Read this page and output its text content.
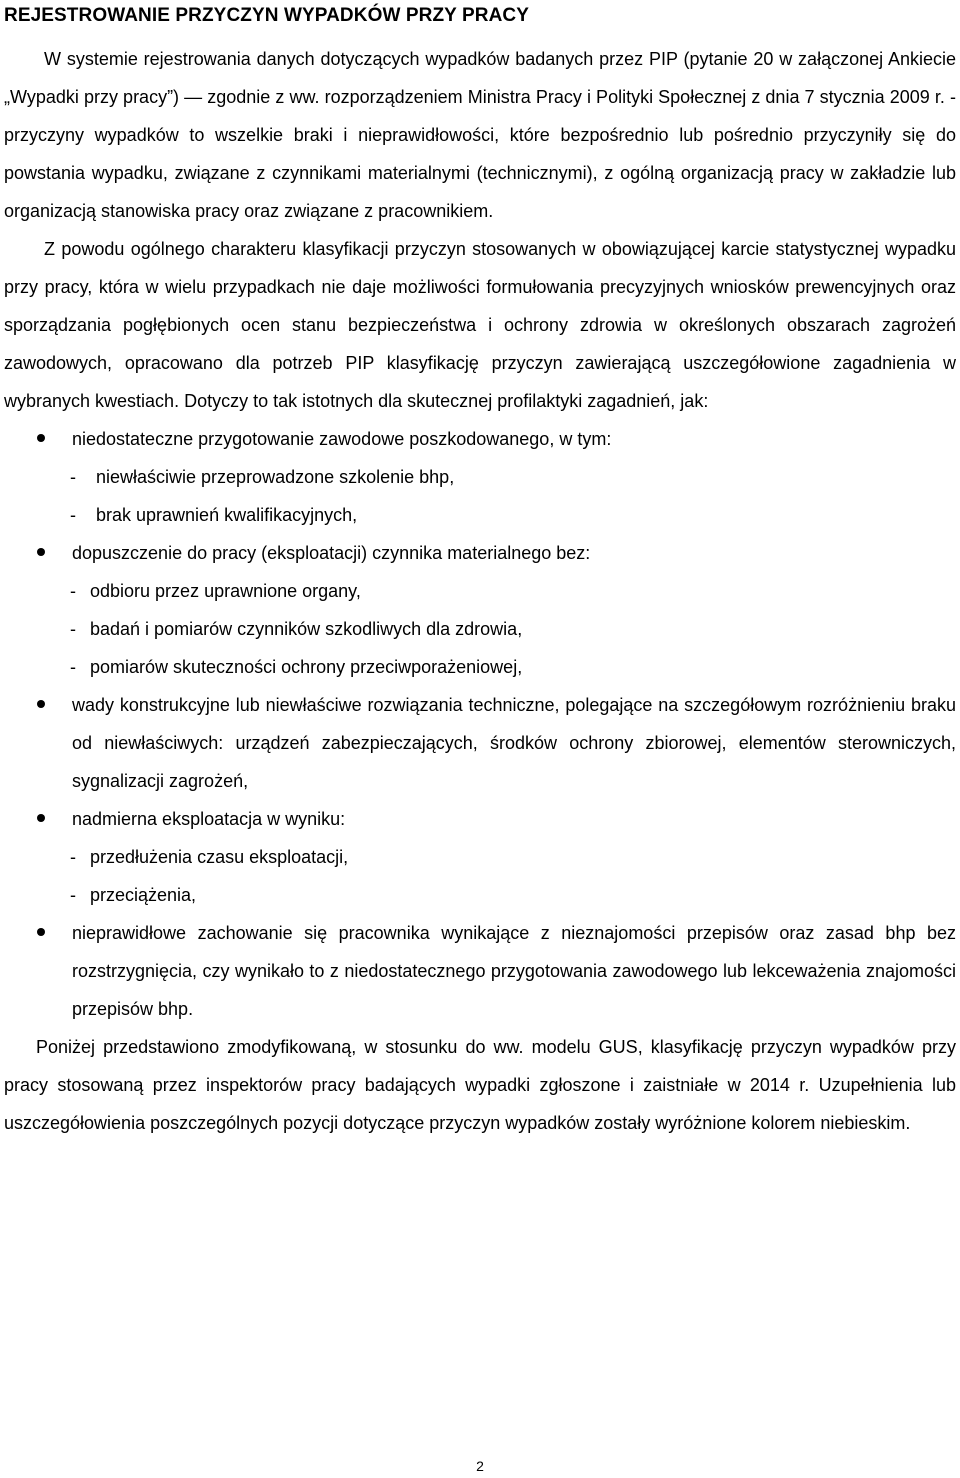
REJESTROWANIE PRZYCZYN WYPADKÓW PRZY PRACY

W systemie rejestrowania danych dotyczących wypadków badanych przez PIP (pytanie 20 w załączonej Ankiecie „Wypadki przy pracy”) — zgodnie z ww. rozporządzeniem Ministra Pracy i Polityki Społecznej z dnia 7 stycznia 2009 r. - przyczyny wypadków to wszelkie braki i nieprawidłowości, które bezpośrednio lub pośrednio przyczyniły się do powstania wypadku, związane z czynnikami materialnymi (technicznymi), z ogólną organizacją pracy w zakładzie lub organizacją stanowiska pracy oraz związane z pracownikiem.

Z powodu ogólnego charakteru klasyfikacji przyczyn stosowanych w obowiązującej karcie statystycznej wypadku przy pracy, która w wielu przypadkach nie daje możliwości formułowania precyzyjnych wniosków prewencyjnych oraz sporządzania pogłębionych ocen stanu bezpieczeństwa i ochrony zdrowia w określonych obszarach zagrożeń zawodowych, opracowano dla potrzeb PIP klasyfikację przyczyn zawierającą uszczegółowione zagadnienia w wybranych kwestiach. Dotyczy to tak istotnych dla skutecznej profilaktyki zagadnień, jak:

niedostateczne przygotowanie zawodowe poszkodowanego, w tym:
- niewłaściwie przeprowadzone szkolenie bhp,
- brak uprawnień kwalifikacyjnych,
dopuszczenie do pracy (eksploatacji) czynnika materialnego bez:
- odbioru przez uprawnione organy,
- badań i pomiarów czynników szkodliwych dla zdrowia,
- pomiarów skuteczności ochrony przeciwporażeniowej,
wady konstrukcyjne lub niewłaściwe rozwiązania techniczne, polegające na szczegółowym rozróżnieniu braku od niewłaściwych: urządzeń zabezpieczających, środków ochrony zbiorowej, elementów sterowniczych, sygnalizacji zagrożeń,
nadmierna eksploatacja w wyniku:
- przedłużenia czasu eksploatacji,
- przeciążenia,
nieprawidłowe zachowanie się pracownika wynikające z nieznajomości przepisów oraz zasad bhp bez rozstrzygnięcia, czy wynikało to z niedostatecznego przygotowania zawodowego lub lekceważenia znajomości przepisów bhp.

Poniżej przedstawiono zmodyfikowaną, w stosunku do ww. modelu GUS, klasyfikację przyczyn wypadków przy pracy stosowaną przez inspektorów pracy badających wypadki zgłoszone i zaistniałe w 2014 r. Uzupełnienia lub uszczegółowienia poszczególnych pozycji dotyczące przyczyn wypadków zostały wyróżnione kolorem niebieskim.

2
